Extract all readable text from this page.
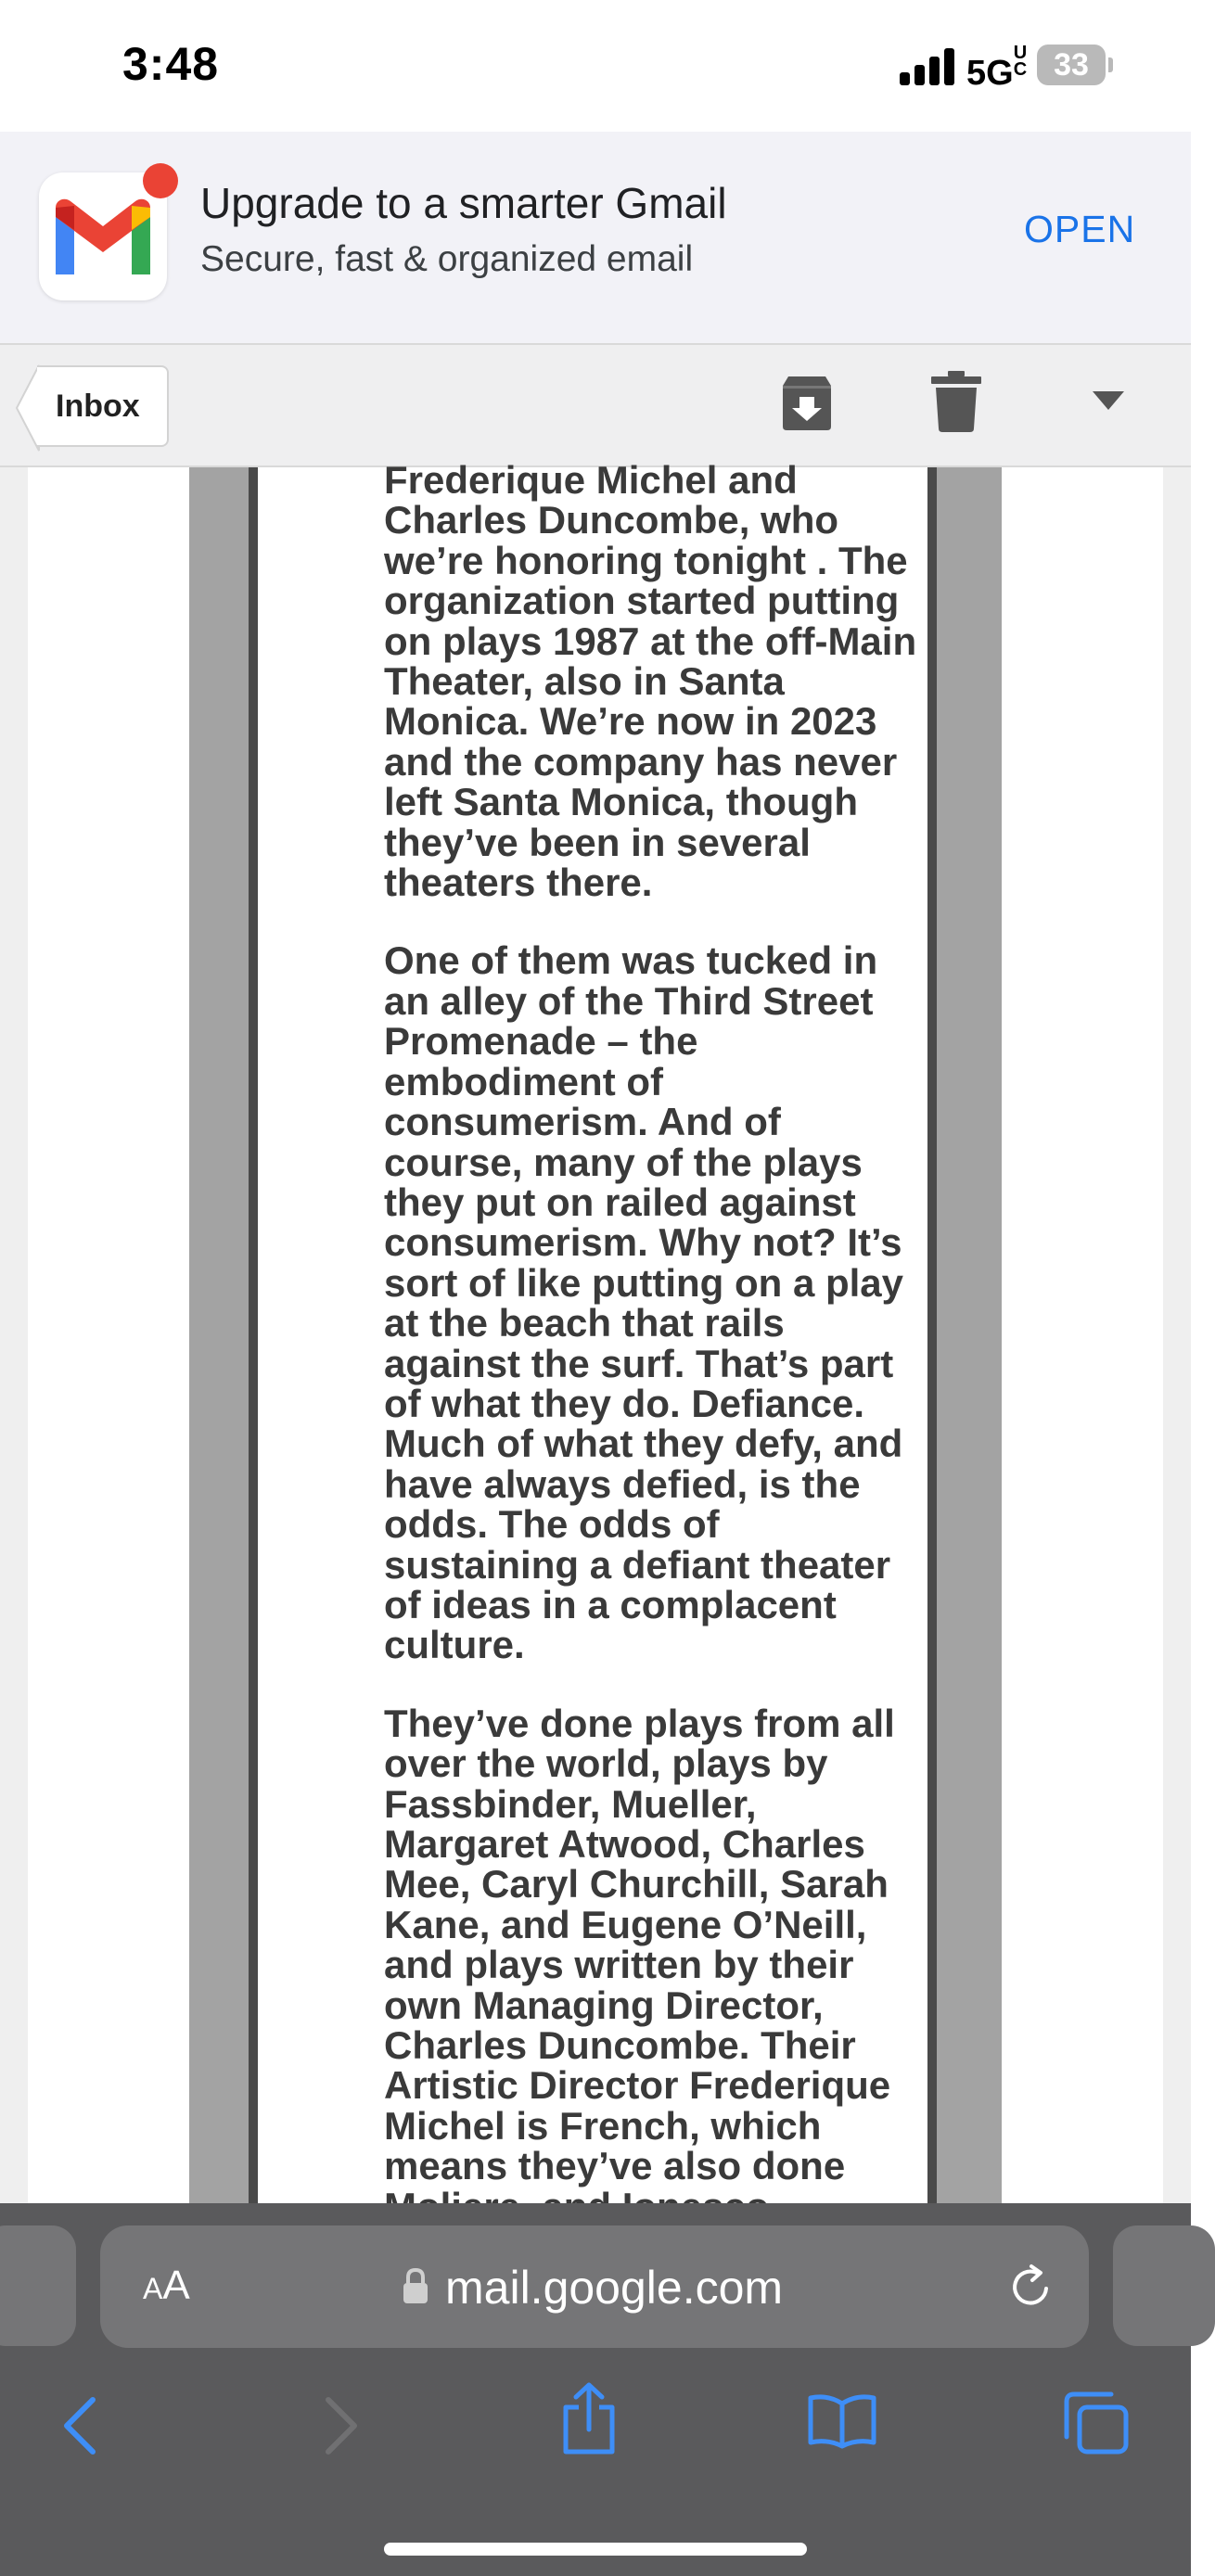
3:48	5GUC 33
Upgrade to a smarter Gmail
Secure, fast & organized email
OPEN
Inbox

Frederique Michel and Charles Duncombe, who we’re honoring tonight . The organization started putting on plays 1987 at the off-Main Theater, also in Santa Monica. We’re now in 2023 and the company has never left Santa Monica, though they’ve been in several theaters there.

One of them was tucked in an alley of the Third Street Promenade – the embodiment of consumerism. And of course, many of the plays they put on railed against consumerism. Why not? It’s sort of like putting on a play at the beach that rails against the surf. That’s part of what they do. Defiance. Much of what they defy, and have always defied, is the odds. The odds of sustaining a defiant theater of ideas in a complacent culture.

They’ve done plays from all over the world, plays by Fassbinder, Mueller, Margaret Atwood, Charles Mee, Caryl Churchill, Sarah Kane, and Eugene O’Neill, and plays written by their own Managing Director, Charles Duncombe. Their Artistic Director Frederique Michel is French, which means they’ve also done

AA	mail.google.com
